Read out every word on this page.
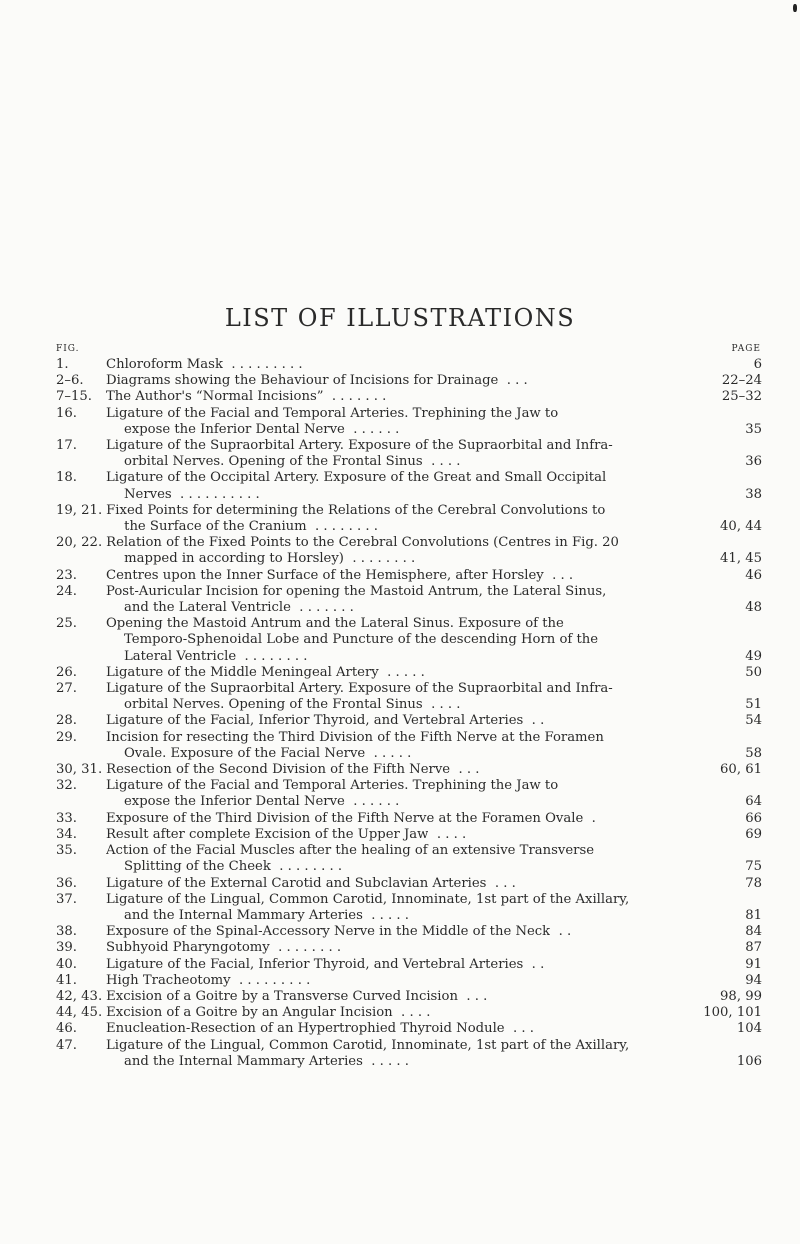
LIST OF ILLUSTRATIONS
FIG.	PAGE
1.	Chloroform Mask . . . . . . . . .	6
2–6.	Diagrams showing the Behaviour of Incisions for Drainage . . .	22–24
7–15.	The Author's “Normal Incisions” . . . . . . .	25–32
16.	Ligature of the Facial and Temporal Arteries. Trephining the Jaw to
expose the Inferior Dental Nerve . . . . . .	35
17.	Ligature of the Supraorbital Artery. Exposure of the Supraorbital and Infra-
orbital Nerves. Opening of the Frontal Sinus . . . .	36
18.	Ligature of the Occipital Artery. Exposure of the Great and Small Occipital
Nerves . . . . . . . . . .	38
19, 21. Fixed Points for determining the Relations of the Cerebral Convolutions to
the Surface of the Cranium . . . . . . . .	40, 44
20, 22. Relation of the Fixed Points to the Cerebral Convolutions (Centres in Fig. 20
mapped in according to Horsley) . . . . . . . .	41, 45
23.	Centres upon the Inner Surface of the Hemisphere, after Horsley . . .	46
24.	Post-Auricular Incision for opening the Mastoid Antrum, the Lateral Sinus,
and the Lateral Ventricle . . . . . . .	48
25.	Opening the Mastoid Antrum and the Lateral Sinus. Exposure of the
Temporo-Sphenoidal Lobe and Puncture of the descending Horn of the
Lateral Ventricle . . . . . . . .	49
26.	Ligature of the Middle Meningeal Artery . . . . .	50
27.	Ligature of the Supraorbital Artery. Exposure of the Supraorbital and Infra-
orbital Nerves. Opening of the Frontal Sinus . . . .	51
28.	Ligature of the Facial, Inferior Thyroid, and Vertebral Arteries . .	54
29.	Incision for resecting the Third Division of the Fifth Nerve at the Foramen
Ovale. Exposure of the Facial Nerve . . . . .	58
30, 31. Resection of the Second Division of the Fifth Nerve . . .	60, 61
32.	Ligature of the Facial and Temporal Arteries. Trephining the Jaw to
expose the Inferior Dental Nerve . . . . . .	64
33.	Exposure of the Third Division of the Fifth Nerve at the Foramen Ovale .	66
34.	Result after complete Excision of the Upper Jaw . . . .	69
35.	Action of the Facial Muscles after the healing of an extensive Transverse
Splitting of the Cheek . . . . . . . .	75
36.	Ligature of the External Carotid and Subclavian Arteries . . .	78
37.	Ligature of the Lingual, Common Carotid, Innominate, 1st part of the Axillary,
and the Internal Mammary Arteries . . . . .	81
38.	Exposure of the Spinal-Accessory Nerve in the Middle of the Neck . .	84
39.	Subhyoid Pharyngotomy . . . . . . . .	87
40.	Ligature of the Facial, Inferior Thyroid, and Vertebral Arteries . .	91
41.	High Tracheotomy . . . . . . . . .	94
42, 43. Excision of a Goitre by a Transverse Curved Incision . . .	98, 99
44, 45. Excision of a Goitre by an Angular Incision . . . .	100, 101
46.	Enucleation-Resection of an Hypertrophied Thyroid Nodule . . .	104
47.	Ligature of the Lingual, Common Carotid, Innominate, 1st part of the Axillary,
and the Internal Mammary Arteries . . . . .	106
